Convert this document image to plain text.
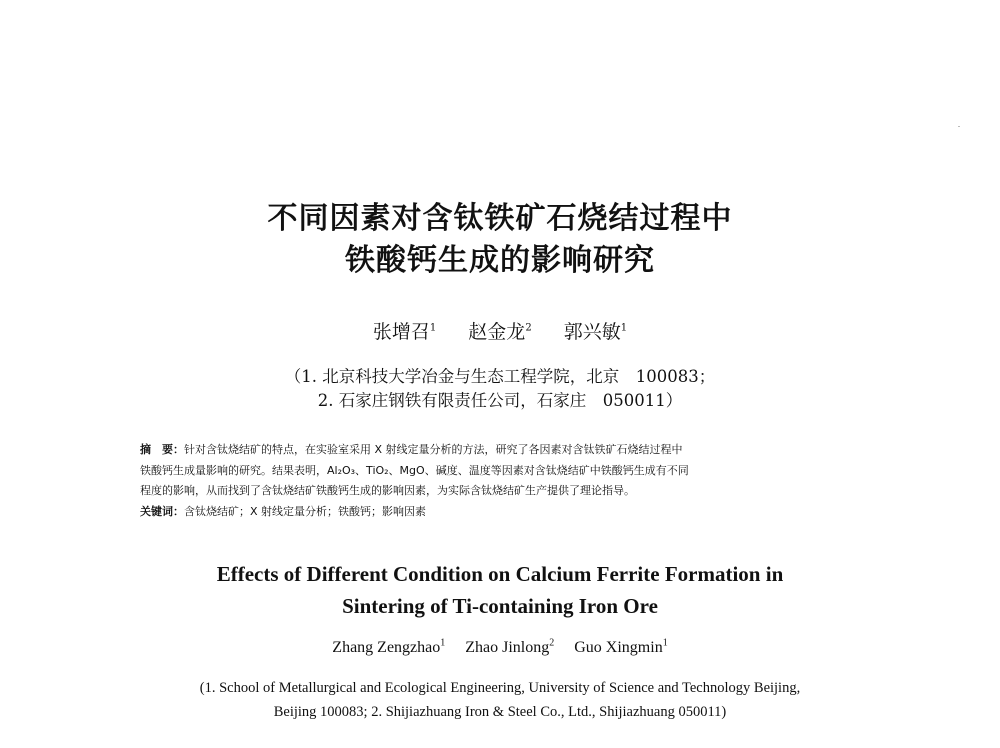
不同因素对含钛铁矿石烧结过程中
铁酸钙生成的影响研究
张增召$^1$ 赵金龙$^2$ 郭兴敏$^1$
（1. 北京科技大学冶金与生态工程学院，北京　100083；
2. 石家庄钢铁有限责任公司，石家庄　050011）
摘　要：针对含钛烧结矿的特点，在实验室采用 X 射线定量分析的方法，研究了各因素对含钛铁矿石烧结过程中
铁酸钙生成量影响的研究。结果表明，Al₂O₃、TiO₂、MgO、碱度、温度等因素对含钛烧结矿中铁酸钙生成有不同
程度的影响，从而找到了含钛烧结矿铁酸钙生成的影响因素，为实际含钛烧结矿生产提供了理论指导。
关键词：含钛烧结矿；X 射线定量分析；铁酸钙；影响因素
Effects of Different Condition on Calcium Ferrite Formation in
Sintering of Ti-containing Iron Ore
Zhang Zengzhao$^1$ Zhao Jinlong$^2$ Guo Xingmin$^1$
(1. School of Metallurgical and Ecological Engineering, University of Science and Technology Beijing,
Beijing 100083; 2. Shijiazhuang Iron & Steel Co., Ltd., Shijiazhuang 050011)
